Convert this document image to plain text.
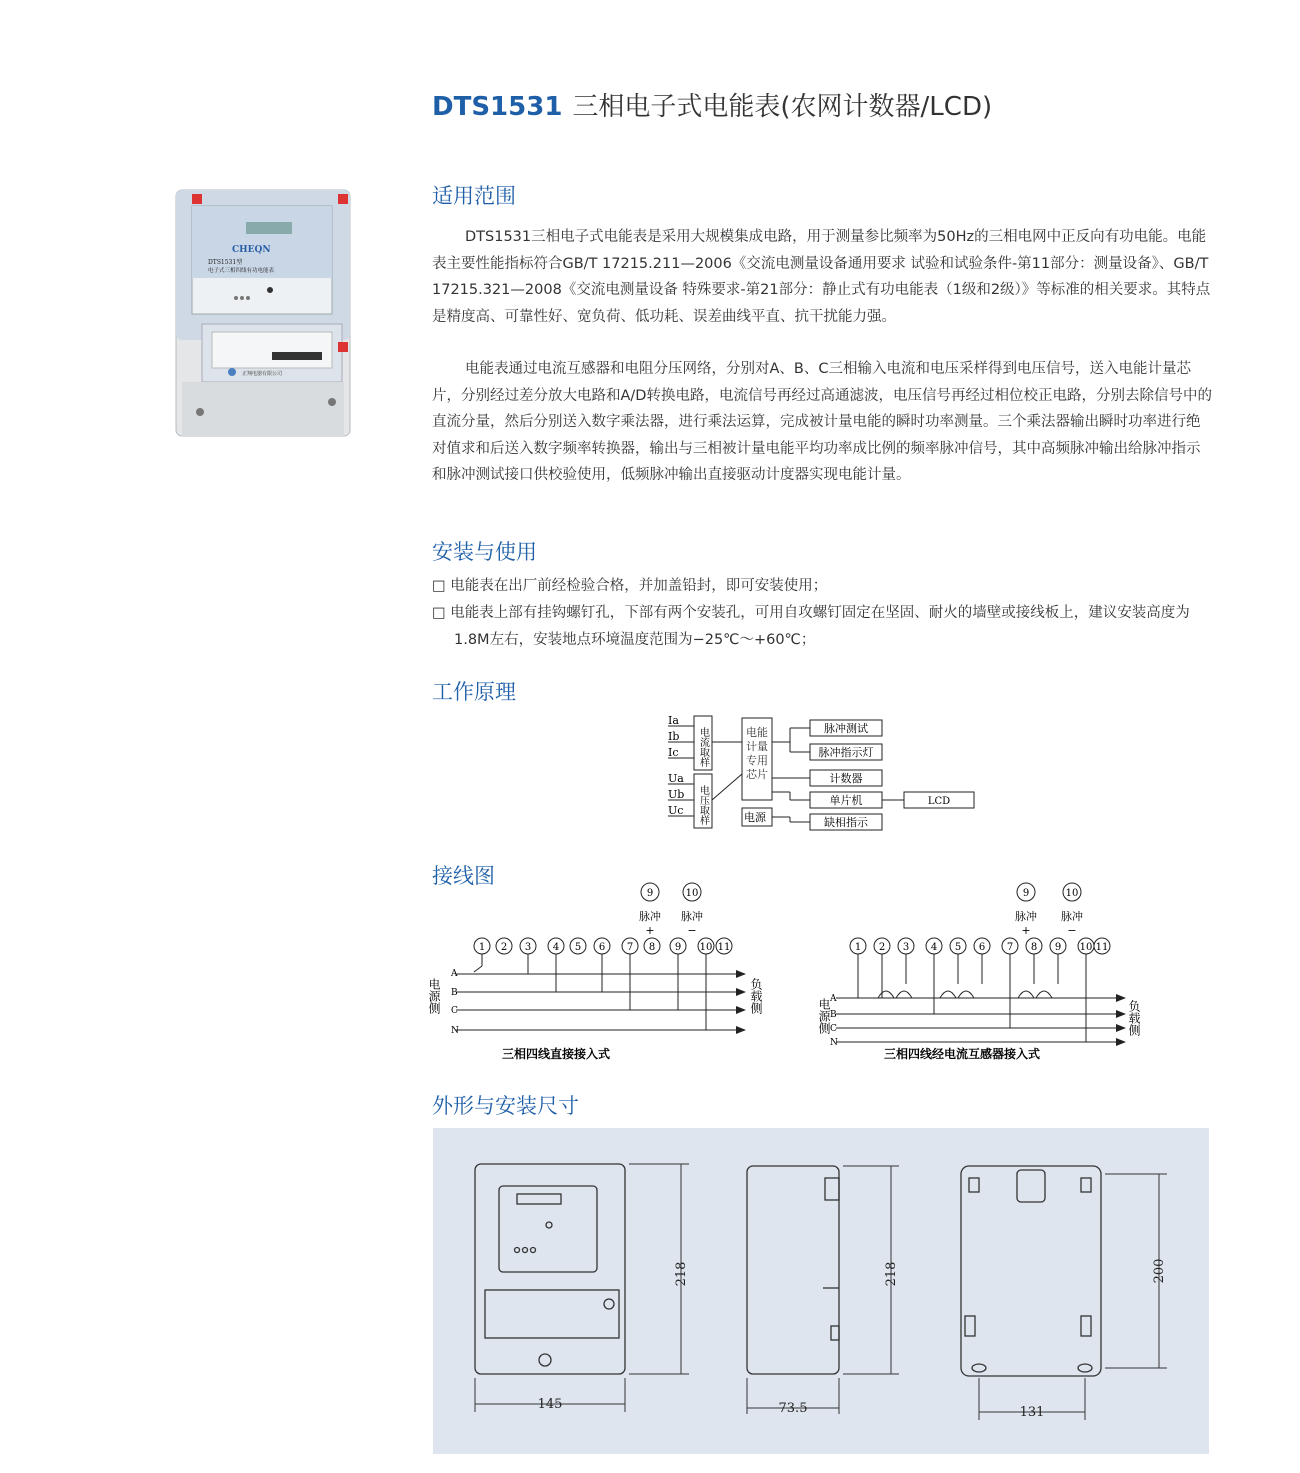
DTS1531 三相电子式电能表(农网计数器/LCD)
CHEQN
DTS1531型
电子式三相四线有功电能表
正翔电器有限公司
适用范围
DTS1531三相电子式电能表是采用大规模集成电路，用于测量参比频率为50Hz的三相电网中正反向有功电能。电能表主要性能指标符合GB/T 17215.211—2006《交流电测量设备通用要求 试验和试验条件-第11部分：测量设备》、GB/T 17215.321—2008《交流电测量设备 特殊要求-第21部分：静止式有功电能表（1级和2级）》等标准的相关要求。其特点是精度高、可靠性好、宽负荷、低功耗、误差曲线平直、抗干扰能力强。
电能表通过电流互感器和电阻分压网络，分别对A、B、C三相输入电流和电压采样得到电压信号，送入电能计量芯片，分别经过差分放大电路和A/D转换电路，电流信号再经过高通滤波，电压信号再经过相位校正电路，分别去除信号中的直流分量，然后分别送入数字乘法器，进行乘法运算，完成被计量电能的瞬时功率测量。三个乘法器输出瞬时功率进行绝对值求和后送入数字频率转换器，输出与三相被计量电能平均功率成比例的频率脉冲信号，其中高频脉冲输出给脉冲指示和脉冲测试接口供校验使用，低频脉冲输出直接驱动计度器实现电能计量。
安装与使用
□ 电能表在出厂前经检验合格，并加盖铅封，即可安装使用；
□ 电能表上部有挂钩螺钉孔，下部有两个安装孔，可用自攻螺钉固定在坚固、耐火的墙壁或接线板上，建议安装高度为1.8M左右，安装地点环境温度范围为−25℃～+60℃；
工作原理
Ia
Ib
Ic
Ua
Ub
Uc
电流取样
电压取样
电能计量专用芯片
电源
脉冲测试
脉冲指示灯
计数器
单片机
缺相指示
LCD
接线图
1 2 3 4 5 6 7 8 9 10 11
9	10
1 2 3 4 5 6 7 8 9 10 11
9	10
脉冲 脉冲	脉冲 脉冲
+	−	+	−
电源侧	负载侧
电源侧	负载侧
A
B
C
N
A
B
C
N
三相四线直接接入式	三相四线经电流互感器接入式
外形与安装尺寸
145
218
73.5
218
131
200
